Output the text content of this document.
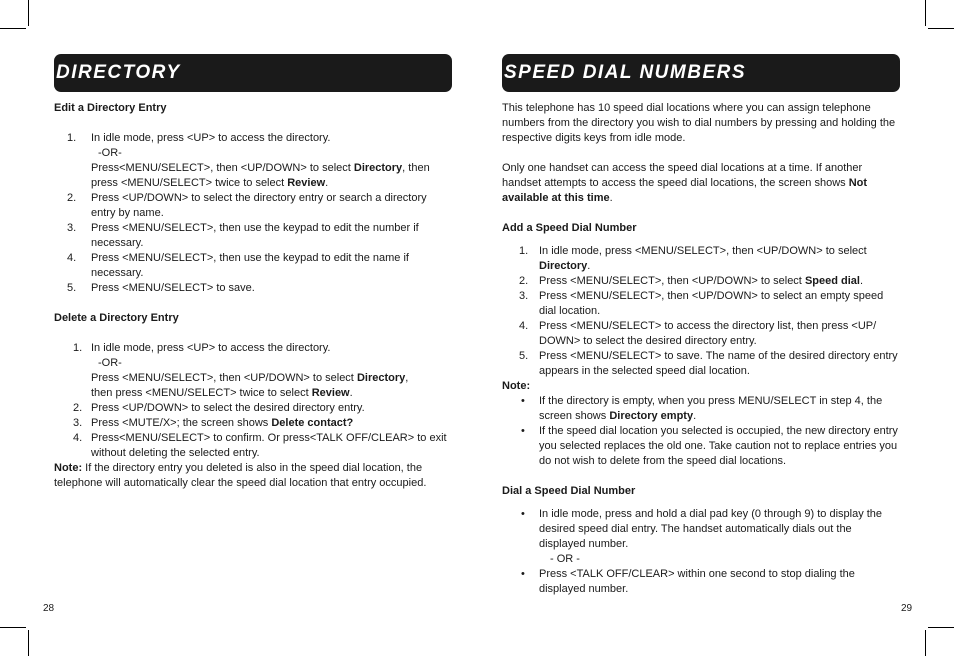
DIRECTORY

Edit a Directory Entry

1. In idle mode, press <UP> to access the directory.

-OR-

Press<MENU/SELECT>, then <UP/DOWN> to select Directory, then press <MENU/SELECT> twice to select Review.
2. Press <UP/DOWN> to select the directory entry or search a directory entry by name.
3. Press <MENU/SELECT>, then use the keypad to edit the number if necessary.
4. Press <MENU/SELECT>, then use the keypad to edit the name if necessary.
5. Press <MENU/SELECT> to save.

Delete a Directory Entry

1. In idle mode, press <UP> to access the directory.

-OR-

Press <MENU/SELECT>, then <UP/DOWN> to select Directory,
then press <MENU/SELECT> twice to select Review.
2. Press <UP/DOWN> to select the desired directory entry.
3. Press <MUTE/X>; the screen shows Delete contact?
4. Press<MENU/SELECT> to confirm. Or press<TALK OFF/CLEAR> to exit without deleting the selected entry.

Note: If the directory entry you deleted is also in the speed dial location, the telephone will automatically clear the speed dial location that entry occupied.

28
SPEED DIAL NUMBERS

This telephone has 10 speed dial locations where you can assign telephone numbers from the directory you wish to dial numbers by pressing and holding the respective digits keys from idle mode.

Only one handset can access the speed dial locations at a time. If another handset attempts to access the speed dial locations, the screen shows Not available at this time.

Add a Speed Dial Number

1. In idle mode, press <MENU/SELECT>, then <UP/DOWN> to select Directory.
2. Press <MENU/SELECT>, then <UP/DOWN> to select Speed dial.
3. Press <MENU/SELECT>, then <UP/DOWN> to select an empty speed dial location.
4. Press <MENU/SELECT> to access the directory list, then press <UP/ DOWN> to select the desired directory entry.
5. Press <MENU/SELECT> to save. The name of the desired directory entry appears in the selected speed dial location.

Note:

• If the directory is empty, when you press MENU/SELECT in step 4, the screen shows Directory empty.
• If the speed dial location you selected is occupied, the new directory entry you selected replaces the old one. Take caution not to replace entries you do not wish to delete from the speed dial locations.

Dial a Speed Dial Number

• In idle mode, press and hold a dial pad key (0 through 9) to display the desired speed dial entry. The handset automatically dials out the displayed number.

- OR -

• Press <TALK OFF/CLEAR> within one second to stop dialing the displayed number.
29
